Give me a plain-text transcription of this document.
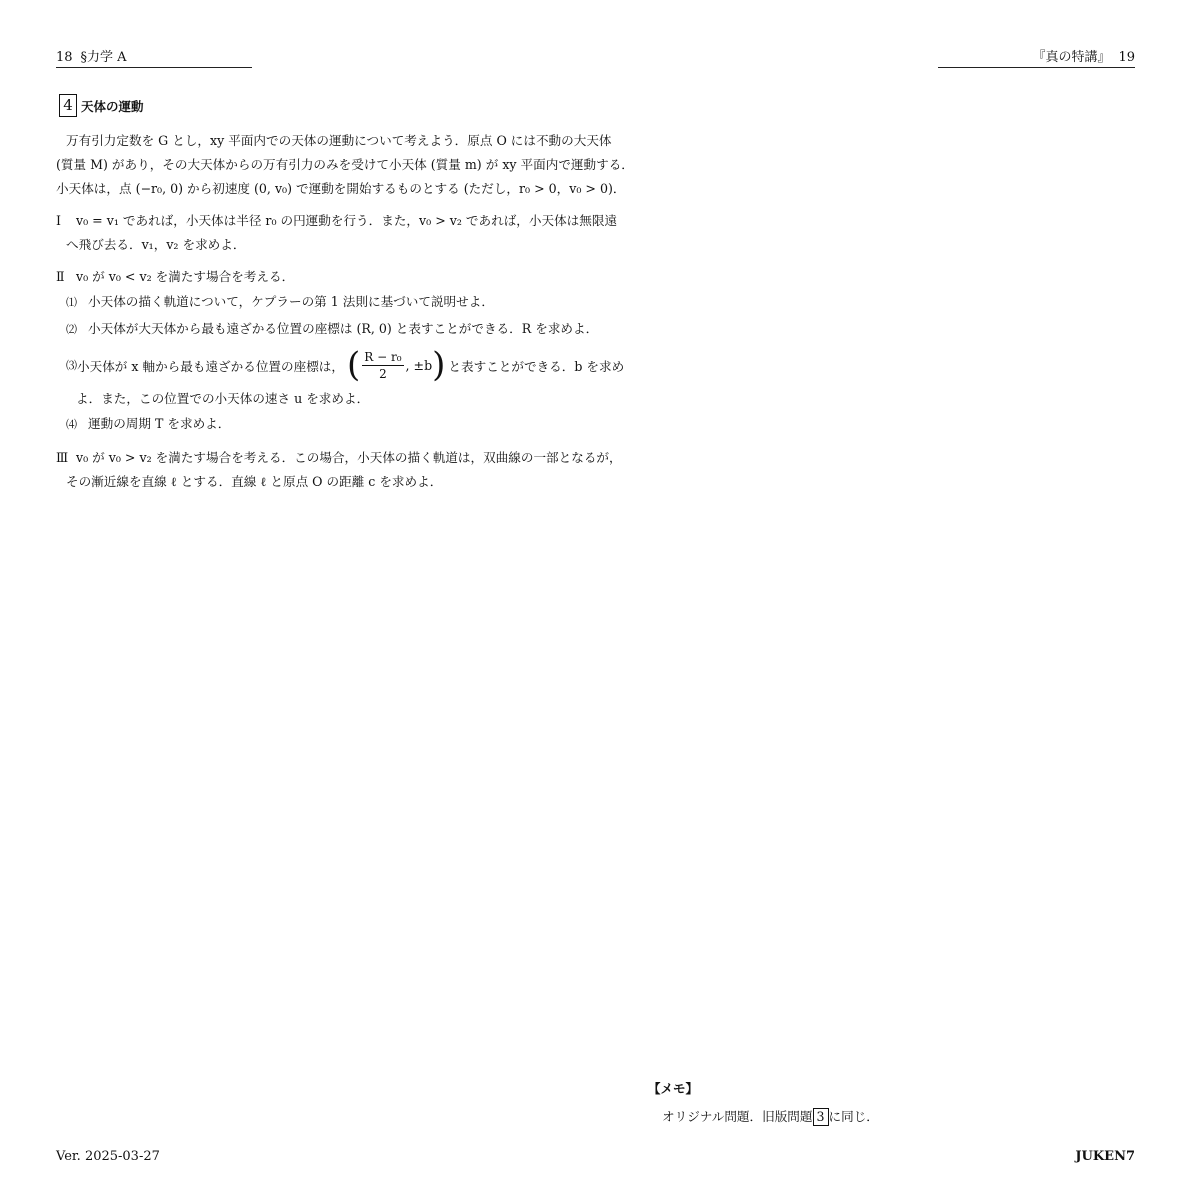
18 §力学 A	『真の特講』 19
4 天体の運動

万有引力定数を G とし，xy 平面内での天体の運動について考えよう．原点 O には不動の大天体

(質量 M) があり，その大天体からの万有引力のみを受けて小天体 (質量 m) が xy 平面内で運動する．

小天体は，点 (−r₀, 0) から初速度 (0, v₀) で運動を開始するものとする (ただし，r₀ > 0，v₀ > 0)．

Ⅰ v₀ = v₁ であれば，小天体は半径 r₀ の円運動を行う．また，v₀ > v₂ であれば，小天体は無限遠
へ飛び去る．v₁，v₂ を求めよ．
Ⅱ v₀ が v₀ < v₂ を満たす場合を考える．
⑴ 小天体の描く軌道について，ケプラーの第 1 法則に基づいて説明せよ．
⑵ 小天体が大天体から最も遠ざかる位置の座標は (R, 0) と表すことができる．R を求めよ．
⑶ 小天体が x 軸から最も遠ざかる位置の座標は， ( $\frac{\text{R − r₀}}{2}$ , ±b ) と表すことができる．b を求め
よ．また，この位置での小天体の速さ u を求めよ．
⑷ 運動の周期 T を求めよ．
Ⅲ v₀ が v₀ > v₂ を満たす場合を考える．この場合，小天体の描く軌道は，双曲線の一部となるが，
その漸近線を直線 ℓ とする．直線 ℓ と原点 O の距離 c を求めよ．
【メモ】
オリジナル問題．旧版問題 3 に同じ．
Ver. 2025-03-27	JUKEN7
